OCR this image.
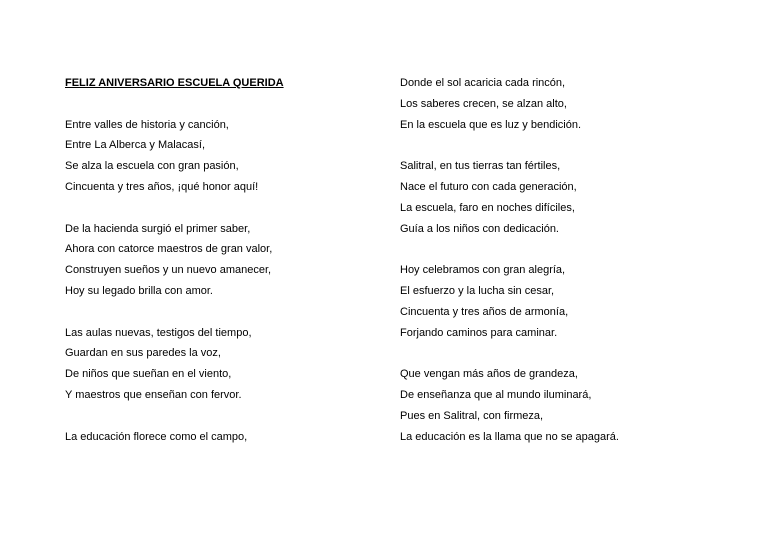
FELIZ ANIVERSARIO ESCUELA QUERIDA
Entre valles de historia y canción,
Entre La Alberca y Malacasí,
Se alza la escuela con gran pasión,
Cincuenta y tres años, ¡qué honor aquí!
De la hacienda surgió el primer saber,
Ahora con catorce maestros de gran valor,
Construyen sueños y un nuevo amanecer,
Hoy su legado brilla con amor.
Las aulas nuevas, testigos del tiempo,
Guardan en sus paredes la voz,
De niños que sueñan en el viento,
Y maestros que enseñan con fervor.
La educación florece como el campo,
Donde el sol acaricia cada rincón,
Los saberes crecen, se alzan alto,
En la escuela que es luz y bendición.
Salitral, en tus tierras tan fértiles,
Nace el futuro con cada generación,
La escuela, faro en noches difíciles,
Guía a los niños con dedicación.
Hoy celebramos con gran alegría,
El esfuerzo y la lucha sin cesar,
Cincuenta y tres años de armonía,
Forjando caminos para caminar.
Que vengan más años de grandeza,
De enseñanza que al mundo iluminará,
Pues en Salitral, con firmeza,
La educación es la llama que no se apagará.
